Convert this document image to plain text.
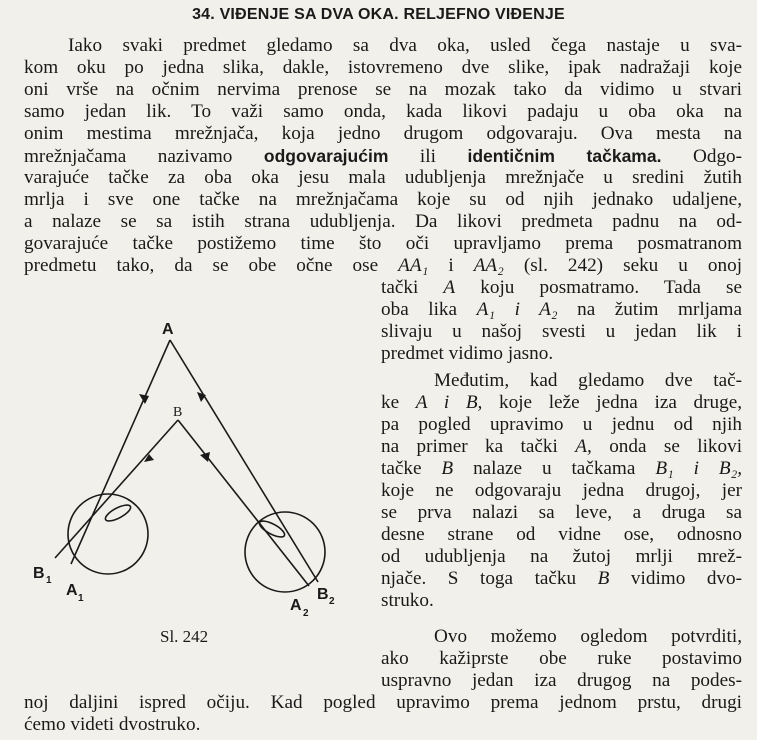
34. VIĐENJE SA DVA OKA. RELJEFNO VIĐENJE
Iako svaki predmet gledamo sa dva oka, usled čega nastaje u sva-
kom oku po jedna slika, dakle, istovremeno dve slike, ipak nadražaji koje
oni vrše na očnim nervima prenose se na mozak tako da vidimo u stvari
samo jedan lik. To važi samo onda, kada likovi padaju u oba oka na
onim mestima mrežnjača, koja jedno drugom odgovaraju. Ova mesta na
mrežnjačama nazivamo odgovarajućim ili identičnim tačkama. Odgo-
varajuće tačke za oba oka jesu mala udubljenja mrežnjače u sredini žutih
mrlja i sve one tačke na mrežnjačama koje su od njih jednako udaljene,
a nalaze se sa istih strana udubljenja. Da likovi predmeta padnu na od-
govarajuće tačke postižemo time što oči upravljamo prema posmatranom
predmetu tako, da se obe očne ose AA₁ i AA₂ (sl. 242) seku u onoj
tački A koju posmatramo. Tada se
oba lika A₁ i A₂ na žutim mrljama
slivaju u našoj svesti u jedan lik i
predmet vidimo jasno.
Međutim, kad gledamo dve tač-
ke A i B, koje leže jedna iza druge,
pa pogled upravimo u jednu od njih
na primer ka tački A, onda se likovi
tačke B nalaze u tačkama B₁ i B₂,
koje ne odgovaraju jedna drugoj, jer
se prva nalazi sa leve, a druga sa
desne strane od vidne ose, odnosno
od udubljenja na žutoj mrlji mrež-
njače. S toga tačku B vidimo dvo-
struko.
Ovo možemo ogledom potvrditi,
ako kažiprste obe ruke postavimo
uspravno jedan iza drugog na podes-
noj daljini ispred očiju. Kad pogled upravimo prema jednom prstu, drugi
ćemo videti dvostruko.
A
B
B 1
A 1	A 2
B 2
Sl. 242
